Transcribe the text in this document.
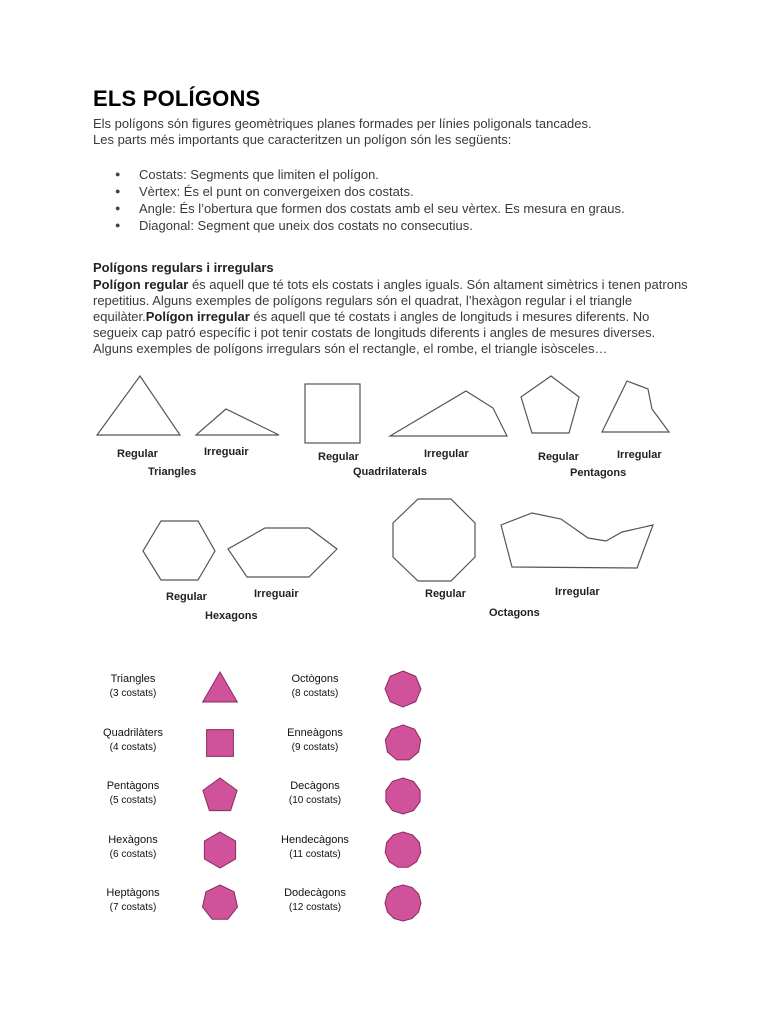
ELS POLÍGONS
Els polígons són figures geomètriques planes formades per línies poligonals tancades.
Les parts més importants que caracteritzen un polígon són les següents:
● Costats: Segments que limiten el polígon.
● Vèrtex: És el punt on convergeixen dos costats.
● Angle: És l’obertura que formen dos costats amb el seu vèrtex. Es mesura en graus.
● Diagonal: Segment que uneix dos costats no consecutius.
Polígons regulars i irregulars
Polígon regular és aquell que té tots els costats i angles iguals. Són altament simètrics i tenen patrons repetitius. Alguns exemples de polígons regulars són el quadrat, l’hexàgon regular i el triangle equilàter.Polígon irregular és aquell que té costats i angles de longituds i mesures diferents. No segueix cap patró específic i pot tenir costats de longituds diferents i angles de mesures diverses. Alguns exemples de polígons irregulars són el rectangle, el rombe, el triangle isòsceles…
Regular	Irreguair
Triangles
Regular	Irregular
Quadrilaterals
Regular	Irregular
Pentagons
Regular	Irreguair
Hexagons
Regular	Irregular
Octagons
Triangles
(3 costats)
Quadrilàters
(4 costats)
Pentàgons
(5 costats)
Hexàgons
(6 costats)
Heptàgons
(7 costats)
Octògons
(8 costats)
Enneàgons
(9 costats)
Decàgons
(10 costats)
Hendecàgons
(11 costats)
Dodecàgons
(12 costats)
